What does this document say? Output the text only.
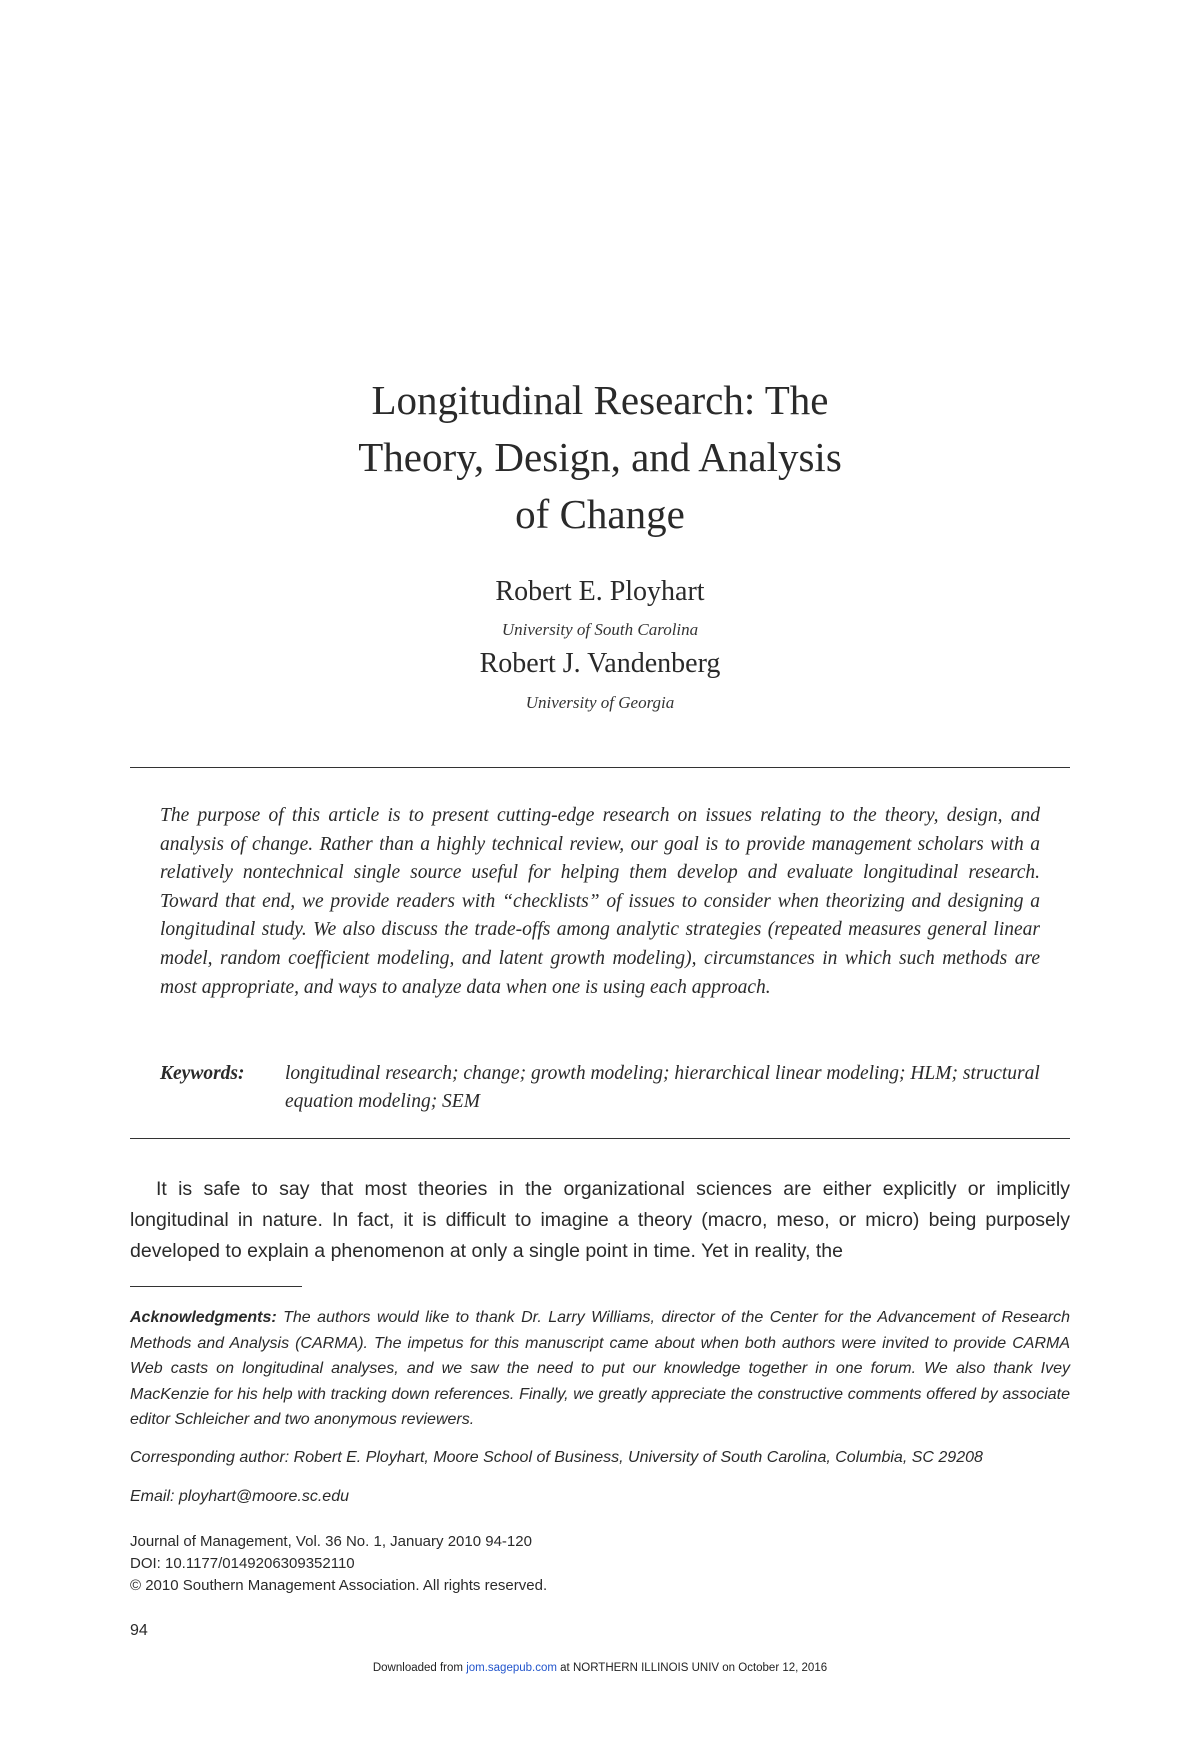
Longitudinal Research: The
Theory, Design, and Analysis
of Change
Robert E. Ployhart
University of South Carolina
Robert J. Vandenberg
University of Georgia
The purpose of this article is to present cutting-edge research on issues relating to the theory, design, and analysis of change. Rather than a highly technical review, our goal is to provide management scholars with a relatively nontechnical single source useful for helping them develop and evaluate longitudinal research. Toward that end, we provide readers with “checklists” of issues to consider when theorizing and designing a longitudinal study. We also discuss the trade-offs among analytic strategies (repeated measures general linear model, random coefficient modeling, and latent growth modeling), circumstances in which such methods are most appropriate, and ways to analyze data when one is using each approach.
Keywords:	longitudinal research; change; growth modeling; hierarchical linear modeling; HLM; structural equation modeling; SEM
It is safe to say that most theories in the organizational sciences are either explicitly or implicitly longitudinal in nature. In fact, it is difficult to imagine a theory (macro, meso, or micro) being purposely developed to explain a phenomenon at only a single point in time. Yet in reality, the
Acknowledgments: The authors would like to thank Dr. Larry Williams, director of the Center for the Advancement of Research Methods and Analysis (CARMA). The impetus for this manuscript came about when both authors were invited to provide CARMA Web casts on longitudinal analyses, and we saw the need to put our knowledge together in one forum. We also thank Ivey MacKenzie for his help with tracking down references. Finally, we greatly appreciate the constructive comments offered by associate editor Schleicher and two anonymous reviewers.
Corresponding author: Robert E. Ployhart, Moore School of Business, University of South Carolina, Columbia, SC 29208
Email: ployhart@moore.sc.edu
Journal of Management, Vol. 36 No. 1, January 2010 94-120
DOI: 10.1177/0149206309352110
© 2010 Southern Management Association. All rights reserved.
94
Downloaded from jom.sagepub.com at NORTHERN ILLINOIS UNIV on October 12, 2016
